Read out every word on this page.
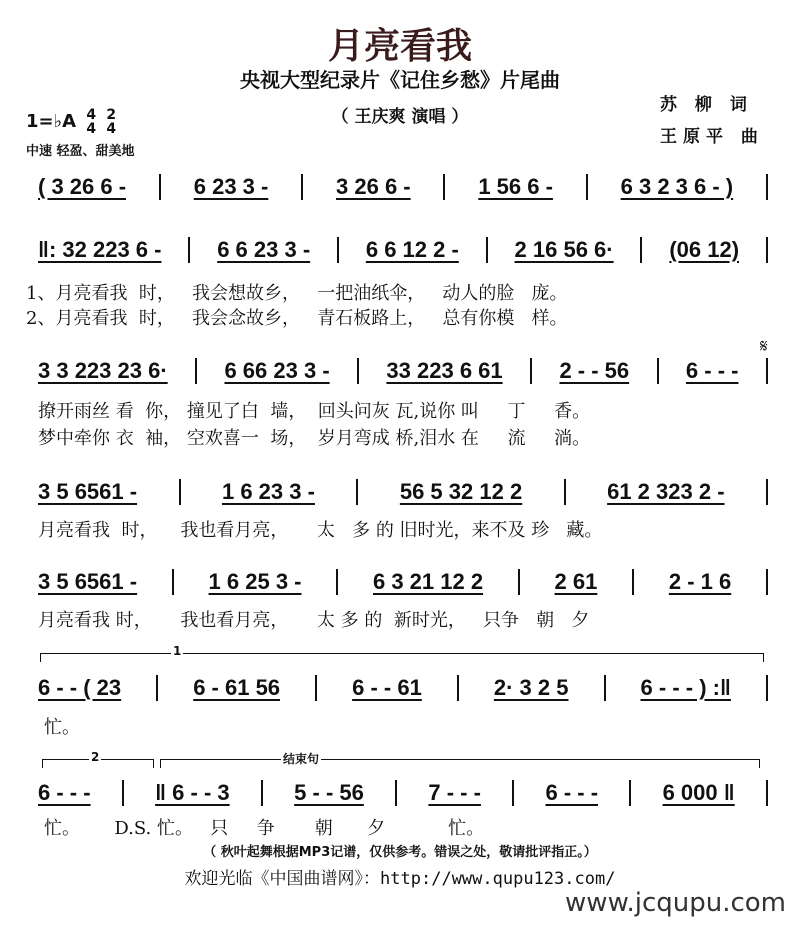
月亮看我
央视大型纪录片《记住乡愁》片尾曲
（ 王庆爽 演唱 ）
苏 柳 词
王原平 曲
1=♭A 4
4 2
4
中速 轻盈、甜美地
( 3 26 6 -	6 23 3 -	3 26 6 -	1 56 6 -	6 3 2 3 6 - )
‖: 32 223 6 -	6 6 23 3 -	6 6 12 2 -	2 16 56 6·	(06 12)
3 3 223 23 6·	6 66 23 3 -	33 223 6 61	2 - - 56	6 - - -
3 5 6561 -	1 6 23 3 -	56 5 32 12 2	61 2 323 2 -
3 5 6561 -	1 6 25 3 -	6 3 21 12 2	2 61	2 - 1 6
6 - - ( 23	6 - 61 56	6 - - 61	2· 3 2 5	6 - - - ) :‖
6 - - -	‖ 6 - - 3	5 - - 56	7 - - -	6 - - -	6 000 ‖
1、月亮看我  时，   我会想故乡，   一把油纸伞，   动人的脸   庞。
2、月亮看我  时，   我会念故乡，   青石板路上，   总有你模   样。
撩开雨丝 看  你， 撞见了白  墙，  回头问灰 瓦,说你 叫     丁     香。
梦中牵你 衣  袖， 空欢喜一  场，  岁月弯成 桥,泪水 在     流     淌。
月亮看我  时，    我也看月亮，     太   多 的 旧时光，来不及 珍   藏。
月亮看我 时，     我也看月亮，     太 多 的  新时光，   只争   朝   夕
忙。
忙。      D.S. 忙。   只     争       朝      夕           忙。
𝄋
1
2	结束句
（ 秋叶起舞根据MP3记谱，仅供参考。错误之处，敬请批评指正。）
欢迎光临《中国曲谱网》：http://www.qupu123.com/
www.jcqupu.com
